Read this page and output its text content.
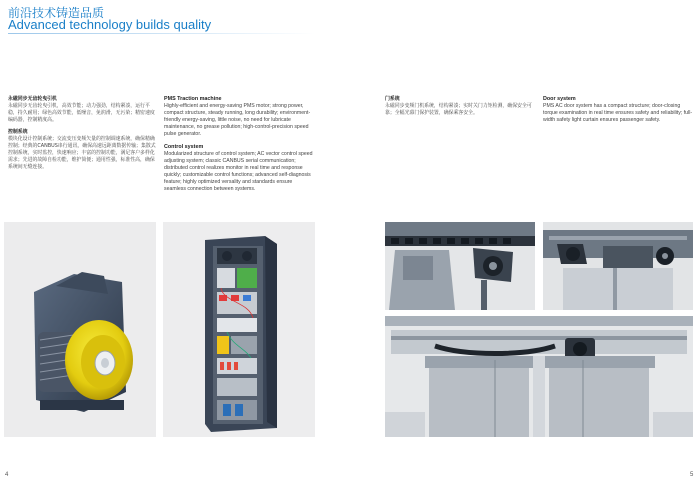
前沿技术铸造品质
Advanced technology builds quality
永磁同步无齿轮曳引机

永磁同步无齿轮曳引机，高效节能；动力强劲，结构紧凑，运行平稳，持久耐用；绿色高效节能，低噪音，免润滑，无污染；精密速度编码器，控制精度高。

控制系统

模块化设计控制系统；交流变压变频矢量的控制调速系统，确保精确控制；经典的CANBUS串行通讯，确保高速远距离数据传输；集散式控制系统，实时监控，快速响应；丰富的控制功能，满足客户多样化需求；先进的故障自检功能，维护简便；通用性强，标准性高，确保系统间无缝连接。

PMS Traction machine

Highly-efficient and energy-saving PMS motor; strong power, compact structure, steady running, long durability; environment-friendly energy-saving, little noise, no need for lubricate maintenance, no grease pollution; high-control-precision speed pulse generator.

Control system

Modularized structure of control system; AC vector control speed adjusting system; classic CANBUS serial communication; distributed control realizes monitor in real time and response quickly; customizable control functions; advanced self-diagnosis feature; highly optimized versality and standards ensure seamless connection between systems.

门系统

永磁同步变频门机系统，结构紧凑；实时关门力矩检测，确保安全可靠；全幅光幕门保护装置，确保乘客安全。

Door system

PMS AC door system has a compact structure; door-closing torque examination in real time ensures safety and reliability; full-width safety light curtain ensures passenger safety.

4	5
